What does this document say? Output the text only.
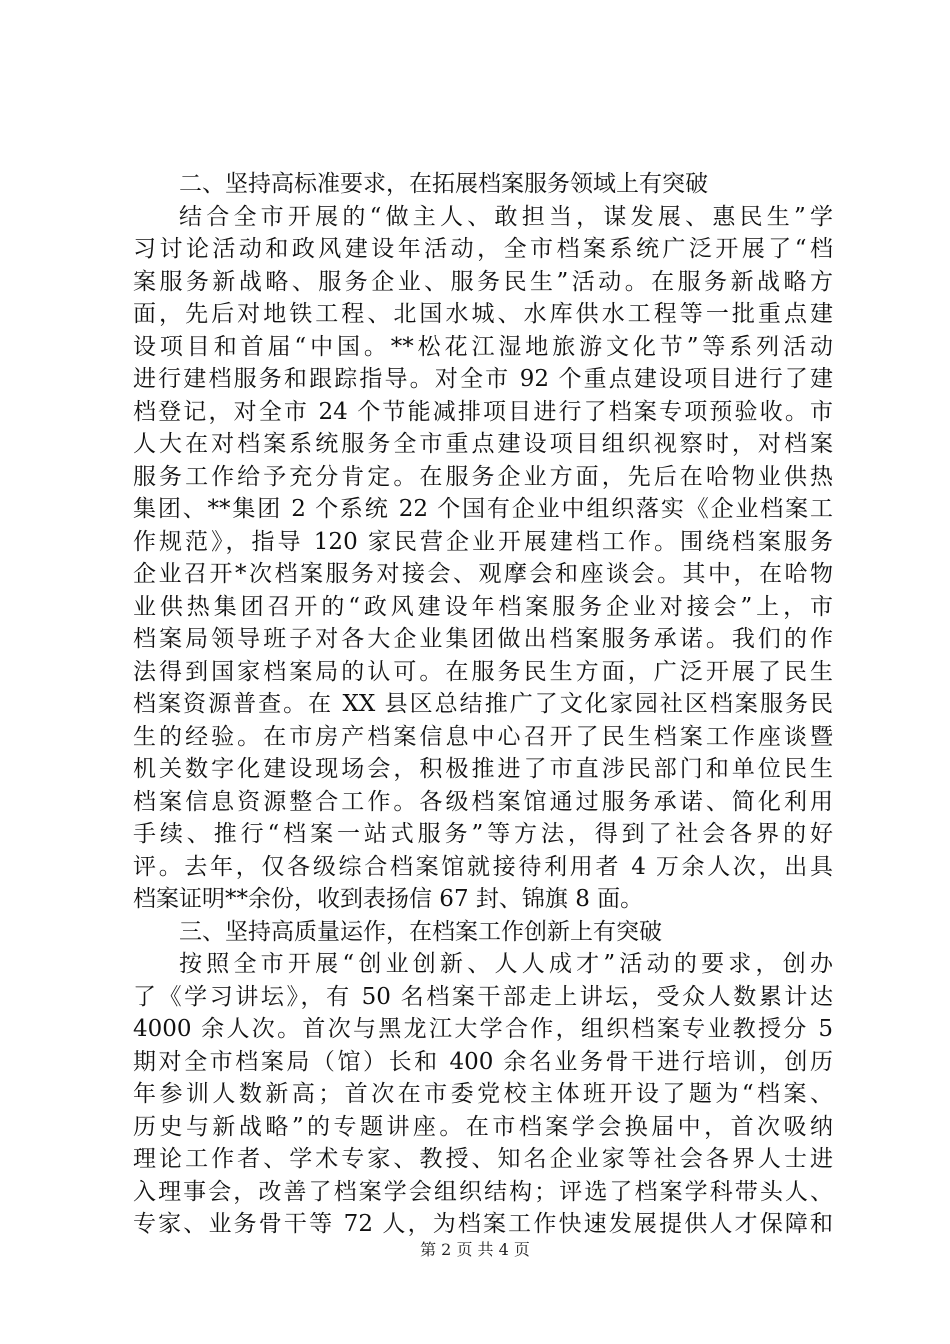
二、坚持高标准要求，在拓展档案服务领域上有突破
结合全市开展的“做主人、敢担当，谋发展、惠民生”学
习讨论活动和政风建设年活动，全市档案系统广泛开展了“档
案服务新战略、服务企业、服务民生”活动。在服务新战略方
面，先后对地铁工程、北国水城、水库供水工程等一批重点建
设项目和首届“中国。**松花江湿地旅游文化节”等系列活动
进行建档服务和跟踪指导。对全市 92 个重点建设项目进行了建
档登记，对全市 24 个节能减排项目进行了档案专项预验收。市
人大在对档案系统服务全市重点建设项目组织视察时，对档案
服务工作给予充分肯定。在服务企业方面，先后在哈物业供热
集团、**集团 2 个系统 22 个国有企业中组织落实《企业档案工
作规范》，指导 120 家民营企业开展建档工作。围绕档案服务
企业召开*次档案服务对接会、观摩会和座谈会。其中，在哈物
业供热集团召开的“政风建设年档案服务企业对接会”上，市
档案局领导班子对各大企业集团做出档案服务承诺。我们的作
法得到国家档案局的认可。在服务民生方面，广泛开展了民生
档案资源普查。在 XX 县区总结推广了文化家园社区档案服务民
生的经验。在市房产档案信息中心召开了民生档案工作座谈暨
机关数字化建设现场会，积极推进了市直涉民部门和单位民生
档案信息资源整合工作。各级档案馆通过服务承诺、简化利用
手续、推行“档案一站式服务”等方法，得到了社会各界的好
评。去年，仅各级综合档案馆就接待利用者 4 万余人次，出具
档案证明**余份，收到表扬信 67 封、锦旗 8 面。
三、坚持高质量运作，在档案工作创新上有突破
按照全市开展“创业创新、人人成才”活动的要求，创办
了《学习讲坛》，有 50 名档案干部走上讲坛，受众人数累计达
4000 余人次。首次与黑龙江大学合作，组织档案专业教授分 5
期对全市档案局（馆）长和 400 余名业务骨干进行培训，创历
年参训人数新高；首次在市委党校主体班开设了题为“档案、
历史与新战略”的专题讲座。在市档案学会换届中，首次吸纳
理论工作者、学术专家、教授、知名企业家等社会各界人士进
入理事会，改善了档案学会组织结构；评选了档案学科带头人、
专家、业务骨干等 72 人，为档案工作快速发展提供人才保障和
第 2 页 共 4 页
